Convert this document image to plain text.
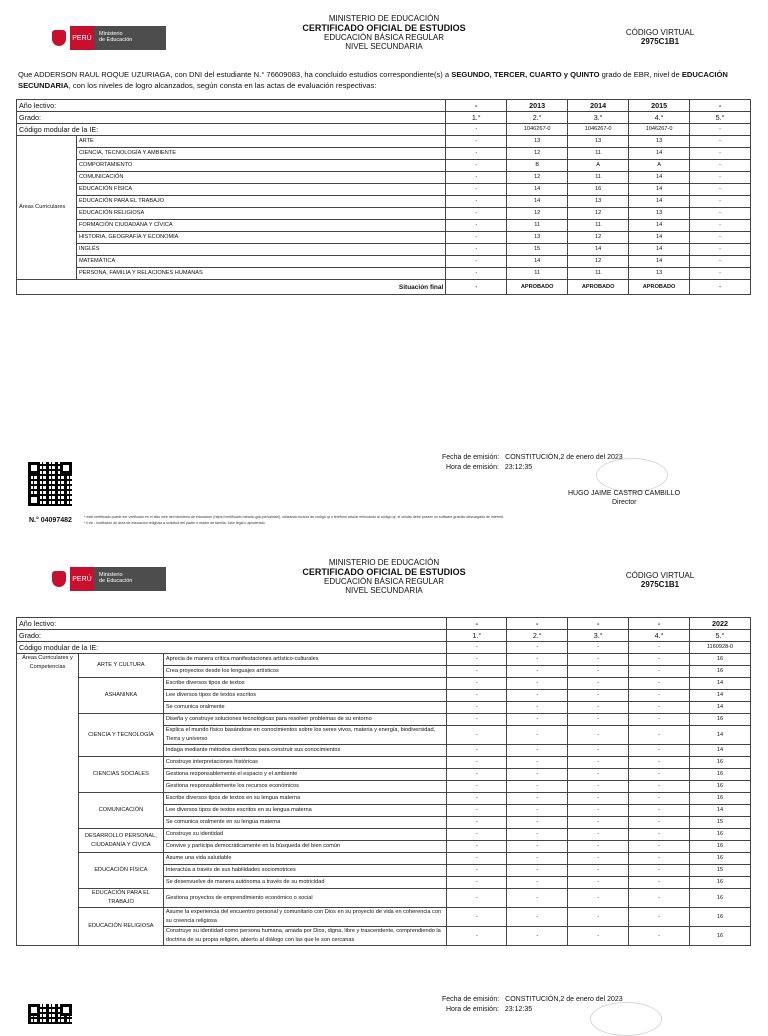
PERÚ
Ministerio
de Educación
MINISTERIO DE EDUCACIÓN
CERTIFICADO OFICIAL DE ESTUDIOS
EDUCACIÓN BÁSICA REGULAR
NIVEL SECUNDARIA
CÓDIGO VIRTUAL
2975C1B1
Que ADDERSON RAUL ROQUE UZURIAGA, con DNI del estudiante N.° 76609083, ha concluido estudios correspondiente(s) a SEGUNDO, TERCER, CUARTO y QUINTO grado de EBR, nivel de EDUCACIÓN SECUNDARIA, con los niveles de logro alcanzados, según consta en las actas de evaluación respectivas:
Año lectivo:		-	2013	2014	2015	-
Grado:		1.°	2.°	3.°	4.°	5.°
Código modular de la IE:		-	1046267-0	1046267-0	1046267-0	-
Áreas Curriculares	ARTE	-	13	13	13	-
	CIENCIA, TECNOLOGÍA Y AMBIENTE	-	12	11	14	-
	COMPORTAMIENTO	-	B	A	A	-
	COMUNICACIÓN	-	12	11	14	-
	EDUCACIÓN FÍSICA	-	14	16	14	-
	EDUCACIÓN PARA EL TRABAJO	-	14	13	14	-
	EDUCACIÓN RELIGIOSA	-	12	12	13	-
	FORMACIÓN CIUDADANA Y CÍVICA	-	11	11	14	-
	HISTORIA, GEOGRAFÍA Y ECONOMÍA	-	13	12	14	-
	INGLÉS	-	15	14	14	-
	MATEMÁTICA	-	14	12	14	-
	PERSONA, FAMILIA Y RELACIONES HUMANAS	-	11	11	13	-
Situación final		-	APROBADO	APROBADO	APROBADO	-
N.° 04097482
Fecha de emisión: CONSTITUCIÓN,2 de enero del 2023
Hora de emisión: 23:12:35
HUGO JAIME CASTRO CAMBILLO
Director
* este certificado puede ser verificado en el sitio web del ministerio de educación (https://certificado.minedu.gob.pe/validar/), utilizando lectora de código qr o teléfono celular enfocando al código qr. el celular debe poseer un software gratuito descargado de internet.
* ii.ee.: Institución de área de educación religiosa a solicitud del padre o madre de familia, tutor legal o apoderado.
PERÚ
Ministerio
de Educación
MINISTERIO DE EDUCACIÓN
CERTIFICADO OFICIAL DE ESTUDIOS
EDUCACIÓN BÁSICA REGULAR
NIVEL SECUNDARIA
CÓDIGO VIRTUAL
2975C1B1
Año lectivo:			-	-	-	-	2022
Grado:			1.°	2.°	3.°	4.°	5.°
Código modular de la IE:			-	-	-	-	1160928-0
Áreas Curriculares y Competencias	ARTE Y CULTURA	Aprecia de manera crítica manifestaciones artístico-culturales	-	-	-	-	16
		Crea proyectos desde los lenguajes artísticos	-	-	-	-	16
	ASHANINKA	Escribe diversos tipos de textos	-	-	-	-	14
		Lee diversos tipos de textos escritos	-	-	-	-	14
		Se comunica oralmente	-	-	-	-	14
	CIENCIA Y TECNOLOGÍA	Diseña y construye soluciones tecnológicas para resolver problemas de su entorno	-	-	-	-	16
		Explica el mundo físico basándose en conocimientos sobre los seres vivos, materia y energía, biodiversidad, Tierra y universo	-	-	-	-	14
		Indaga mediante métodos científicos para construir sus conocimientos	-	-	-	-	14
	CIENCIAS SOCIALES	Construye interpretaciones históricas	-	-	-	-	16
		Gestiona responsablemente el espacio y el ambiente	-	-	-	-	16
		Gestiona responsablemente los recursos económicos	-	-	-	-	16
	COMUNICACIÓN	Escribe diversos tipos de textos en su lengua materna	-	-	-	-	16
		Lee diversos tipos de textos escritos en su lengua materna	-	-	-	-	14
		Se comunica oralmente en su lengua materna	-	-	-	-	15
	DESARROLLO PERSONAL, CIUDADANÍA Y CÍVICA	Construye su identidad	-	-	-	-	16
		Convive y participa democráticamente en la búsqueda del bien común	-	-	-	-	16
	EDUCACIÓN FÍSICA	Asume una vida saludable	-	-	-	-	16
		Interactúa a través de sus habilidades sociomotrices	-	-	-	-	15
		Se desenvuelve de manera autónoma a través de su motricidad	-	-	-	-	16
	EDUCACIÓN PARA EL TRABAJO	Gestiona proyectos de emprendimiento económico o social	-	-	-	-	16
	EDUCACIÓN RELIGIOSA	Asume la experiencia del encuentro personal y comunitario con Dios en su proyecto de vida en coherencia con su creencia religiosa	-	-	-	-	16
		Construye su identidad como persona humana, amada por Dios, digna, libre y trascendente, comprendiendo la doctrina de su propia religión, abierto al diálogo con las que le son cercanas	-	-	-	-	16
Fecha de emisión: CONSTITUCIÓN,2 de enero del 2023
Hora de emisión: 23:12:35
